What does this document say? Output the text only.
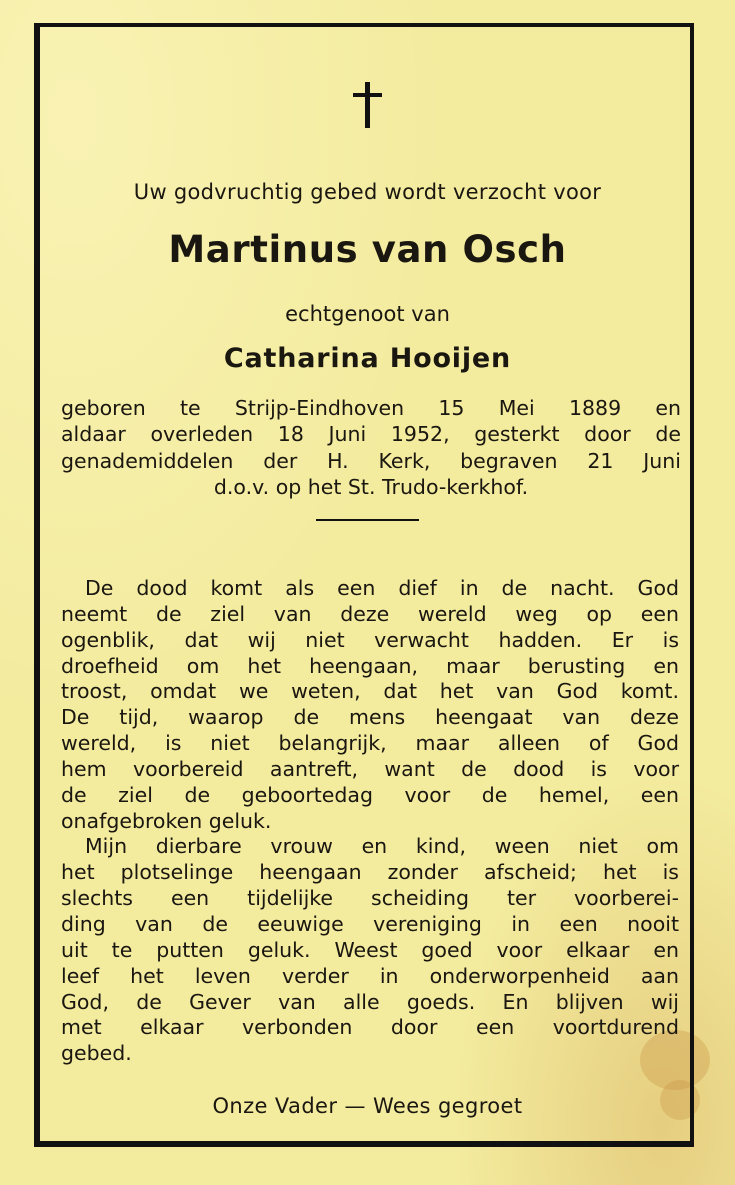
Uw godvruchtig gebed wordt verzocht voor
Martinus van Osch
echtgenoot van
Catharina Hooijen
geboren te Strijp-Eindhoven 15 Mei 1889 en
aldaar overleden 18 Juni 1952, gesterkt door de
genademiddelen der H. Kerk, begraven 21 Juni
d.o.v. op het St. Trudo-kerkhof.
De dood komt als een dief in de nacht. God
neemt de ziel van deze wereld weg op een
ogenblik, dat wij niet verwacht hadden. Er is
droefheid om het heengaan, maar berusting en
troost, omdat we weten, dat het van God komt.
De tijd, waarop de mens heengaat van deze
wereld, is niet belangrijk, maar alleen of God
hem voorbereid aantreft, want de dood is voor
de ziel de geboortedag voor de hemel, een
onafgebroken geluk.
Mijn dierbare vrouw en kind, ween niet om
het plotselinge heengaan zonder afscheid; het is
slechts een tijdelijke scheiding ter voorberei-
ding van de eeuwige vereniging in een nooit
uit te putten geluk. Weest goed voor elkaar en
leef het leven verder in onderworpenheid aan
God, de Gever van alle goeds. En blijven wij
met elkaar verbonden door een voortdurend
gebed.
Onze Vader — Wees gegroet
